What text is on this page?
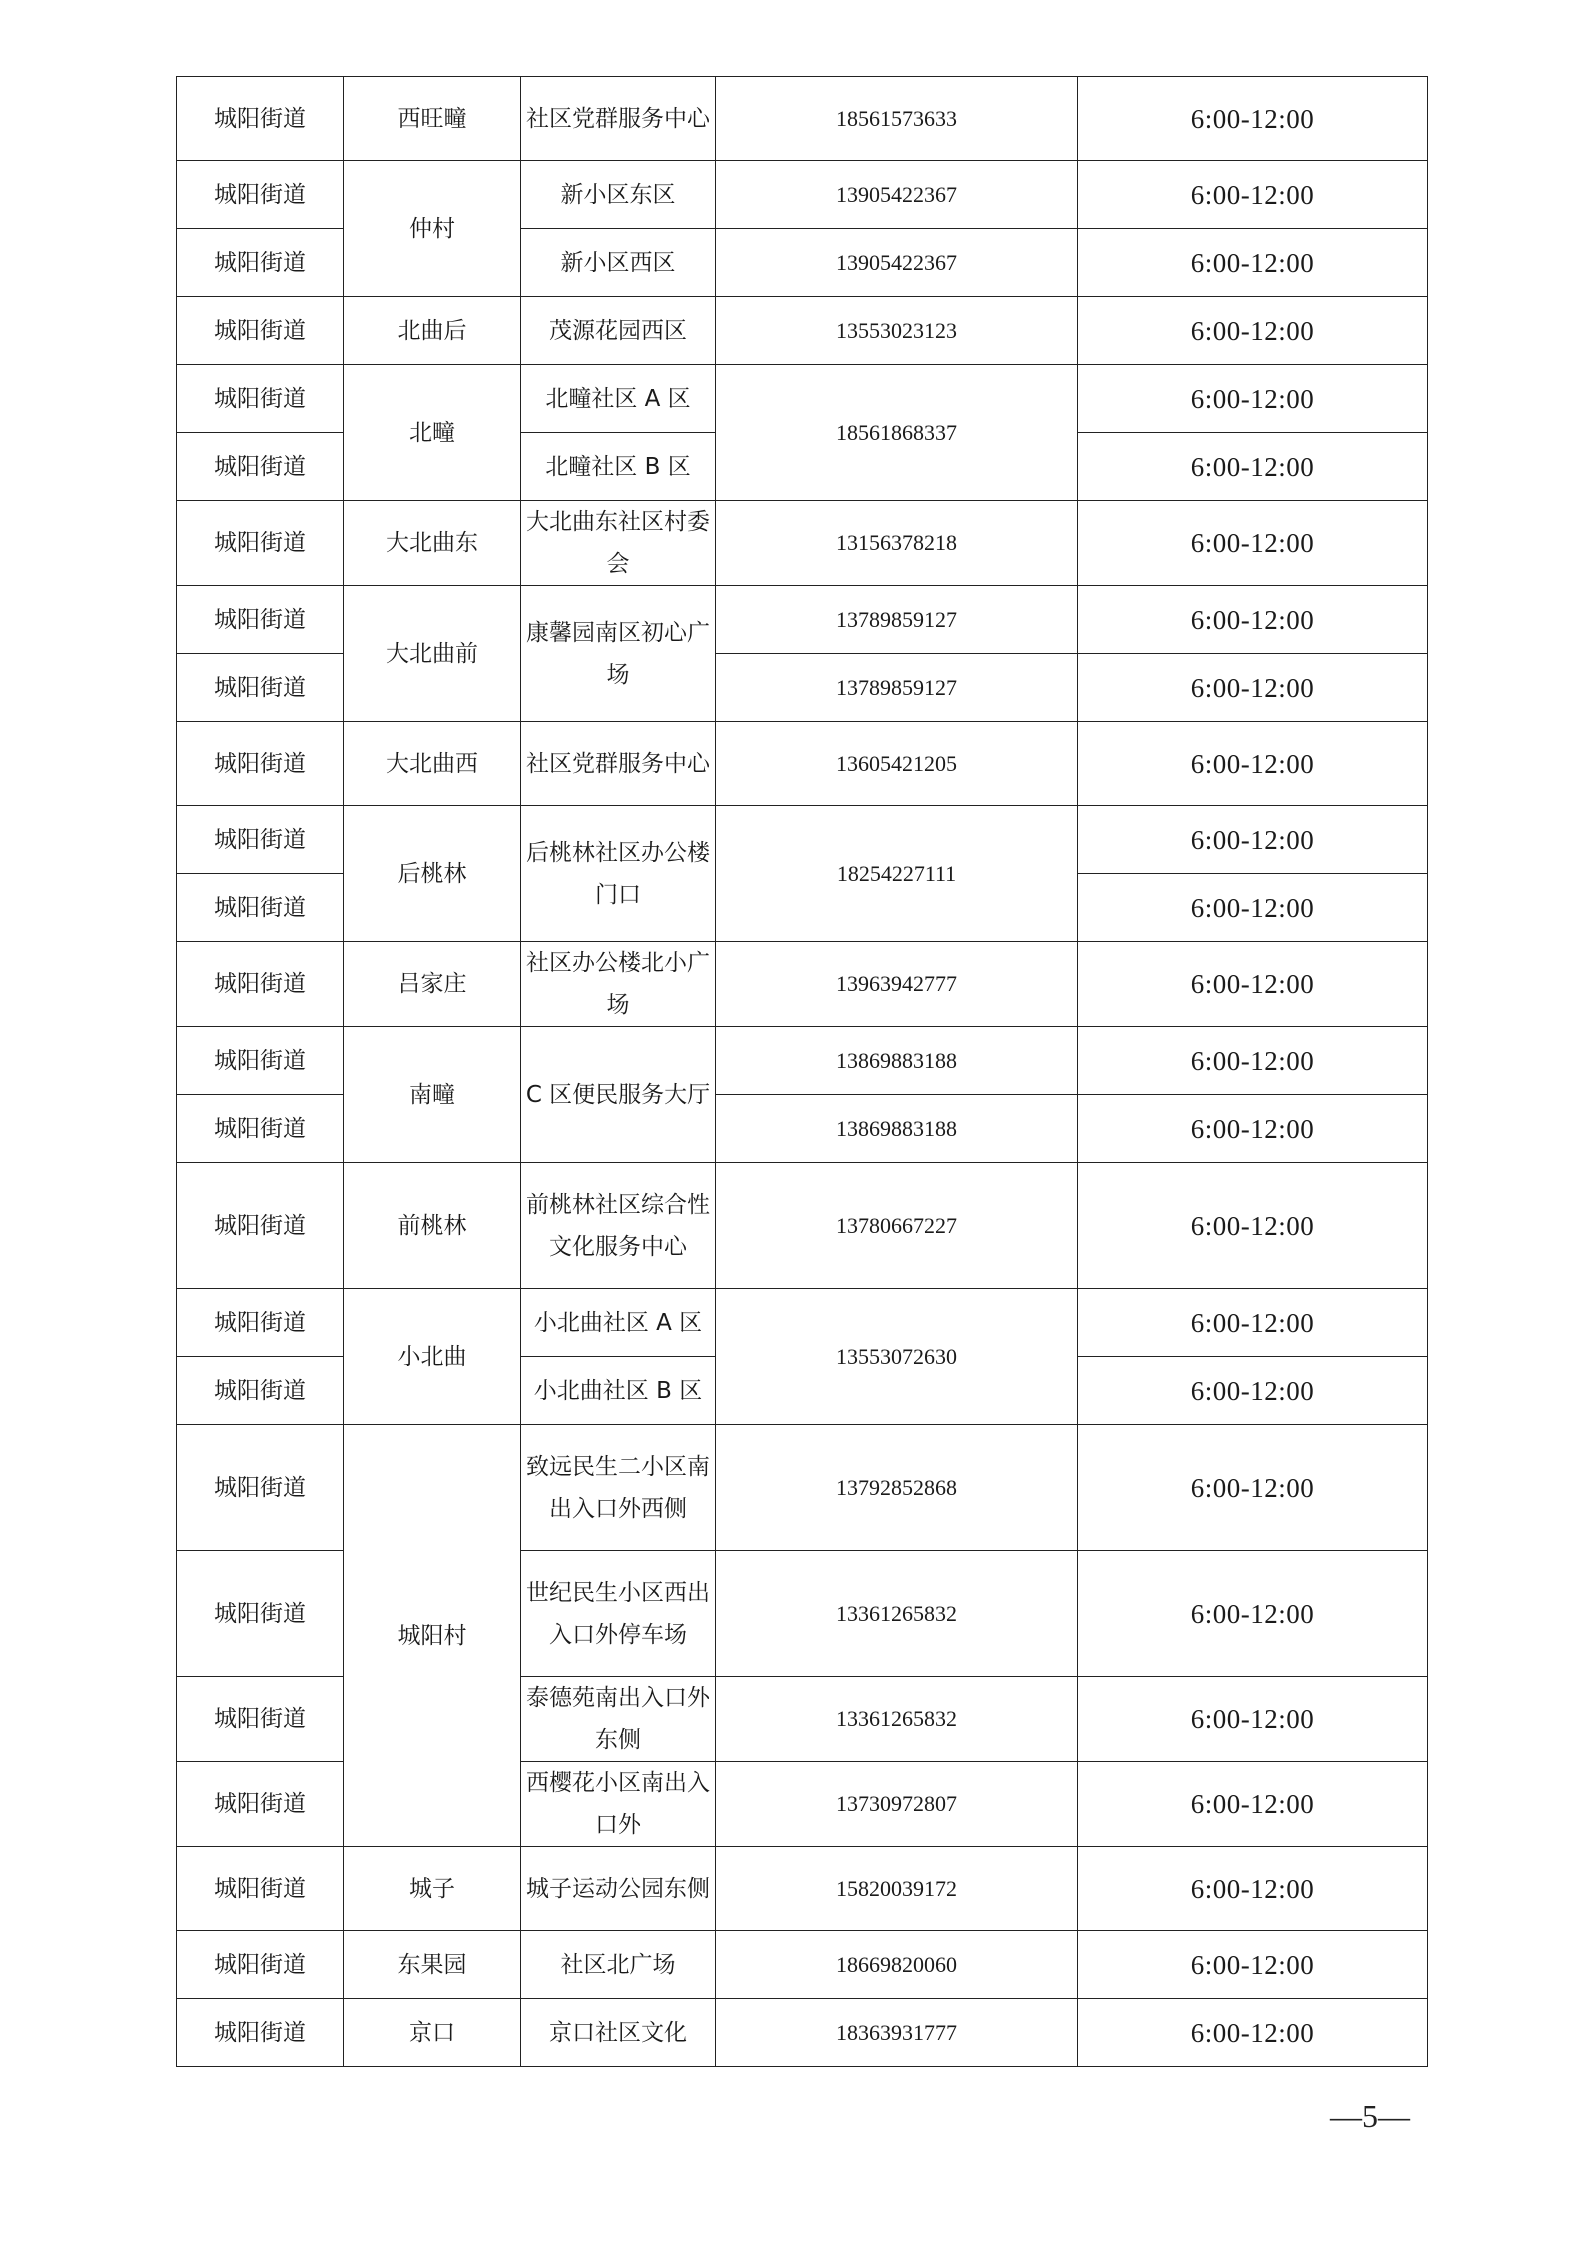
城阳街道	西旺疃	社区党群服务中心	18561573633	6:00-12:00
城阳街道	仲村	新小区东区	13905422367	6:00-12:00
城阳街道		新小区西区	13905422367	6:00-12:00
城阳街道	北曲后	茂源花园西区	13553023123	6:00-12:00
城阳街道	北疃	北疃社区 A 区	18561868337	6:00-12:00
城阳街道		北疃社区 B 区		6:00-12:00
城阳街道	大北曲东	大北曲东社区村委会	13156378218	6:00-12:00
城阳街道	大北曲前	康馨园南区初心广场	13789859127	6:00-12:00
城阳街道			13789859127	6:00-12:00
城阳街道	大北曲西	社区党群服务中心	13605421205	6:00-12:00
城阳街道	后桃林	后桃林社区办公楼门口	18254227111	6:00-12:00
城阳街道				6:00-12:00
城阳街道	吕家庄	社区办公楼北小广场	13963942777	6:00-12:00
城阳街道	南疃	C 区便民服务大厅	13869883188	6:00-12:00
城阳街道			13869883188	6:00-12:00
城阳街道	前桃林	前桃林社区综合性文化服务中心	13780667227	6:00-12:00
城阳街道	小北曲	小北曲社区 A 区	13553072630	6:00-12:00
城阳街道		小北曲社区 B 区		6:00-12:00
城阳街道	城阳村	致远民生二小区南出入口外西侧	13792852868	6:00-12:00
城阳街道		世纪民生小区西出入口外停车场	13361265832	6:00-12:00
城阳街道		泰德苑南出入口外东侧	13361265832	6:00-12:00
城阳街道		西樱花小区南出入口外	13730972807	6:00-12:00
城阳街道	城子	城子运动公园东侧	15820039172	6:00-12:00
城阳街道	东果园	社区北广场	18669820060	6:00-12:00
城阳街道	京口	京口社区文化	18363931777	6:00-12:00
—5—
